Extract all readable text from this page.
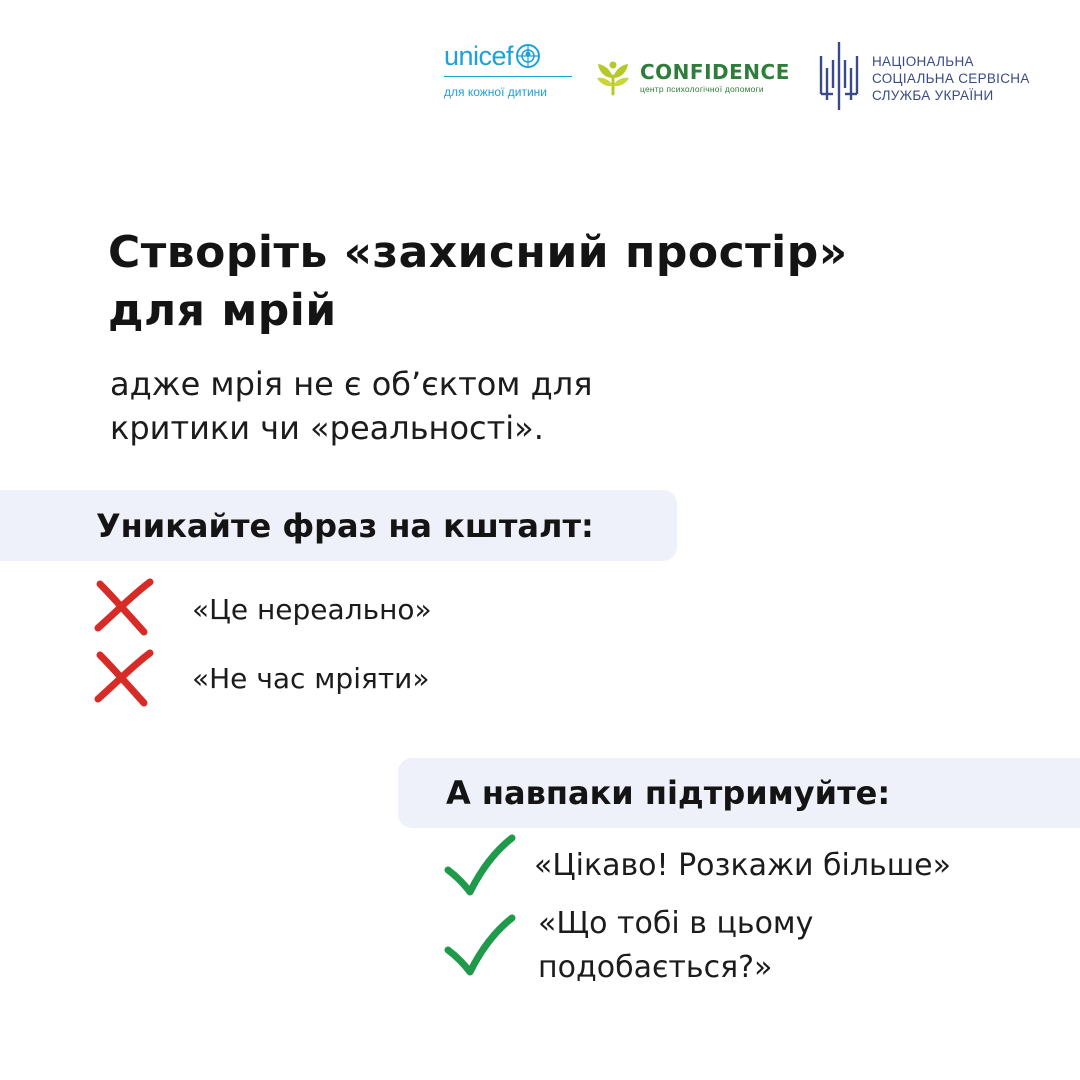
unicef
для кожної дитини
CONFIDENCE
центр психологічної допомоги
НАЦІОНАЛЬНА
СОЦІАЛЬНА СЕРВІСНА
СЛУЖБА УКРАЇНИ
Створіть «захисний простір»
для мрій
адже мрія не є об’єктом для
критики чи «реальності».
Уникайте фраз на кшталт:
«Це нереально»
«Не час мріяти»
А навпаки підтримуйте:
«Цікаво! Розкажи більше»
«Що тобі в цьому
подобається?»
